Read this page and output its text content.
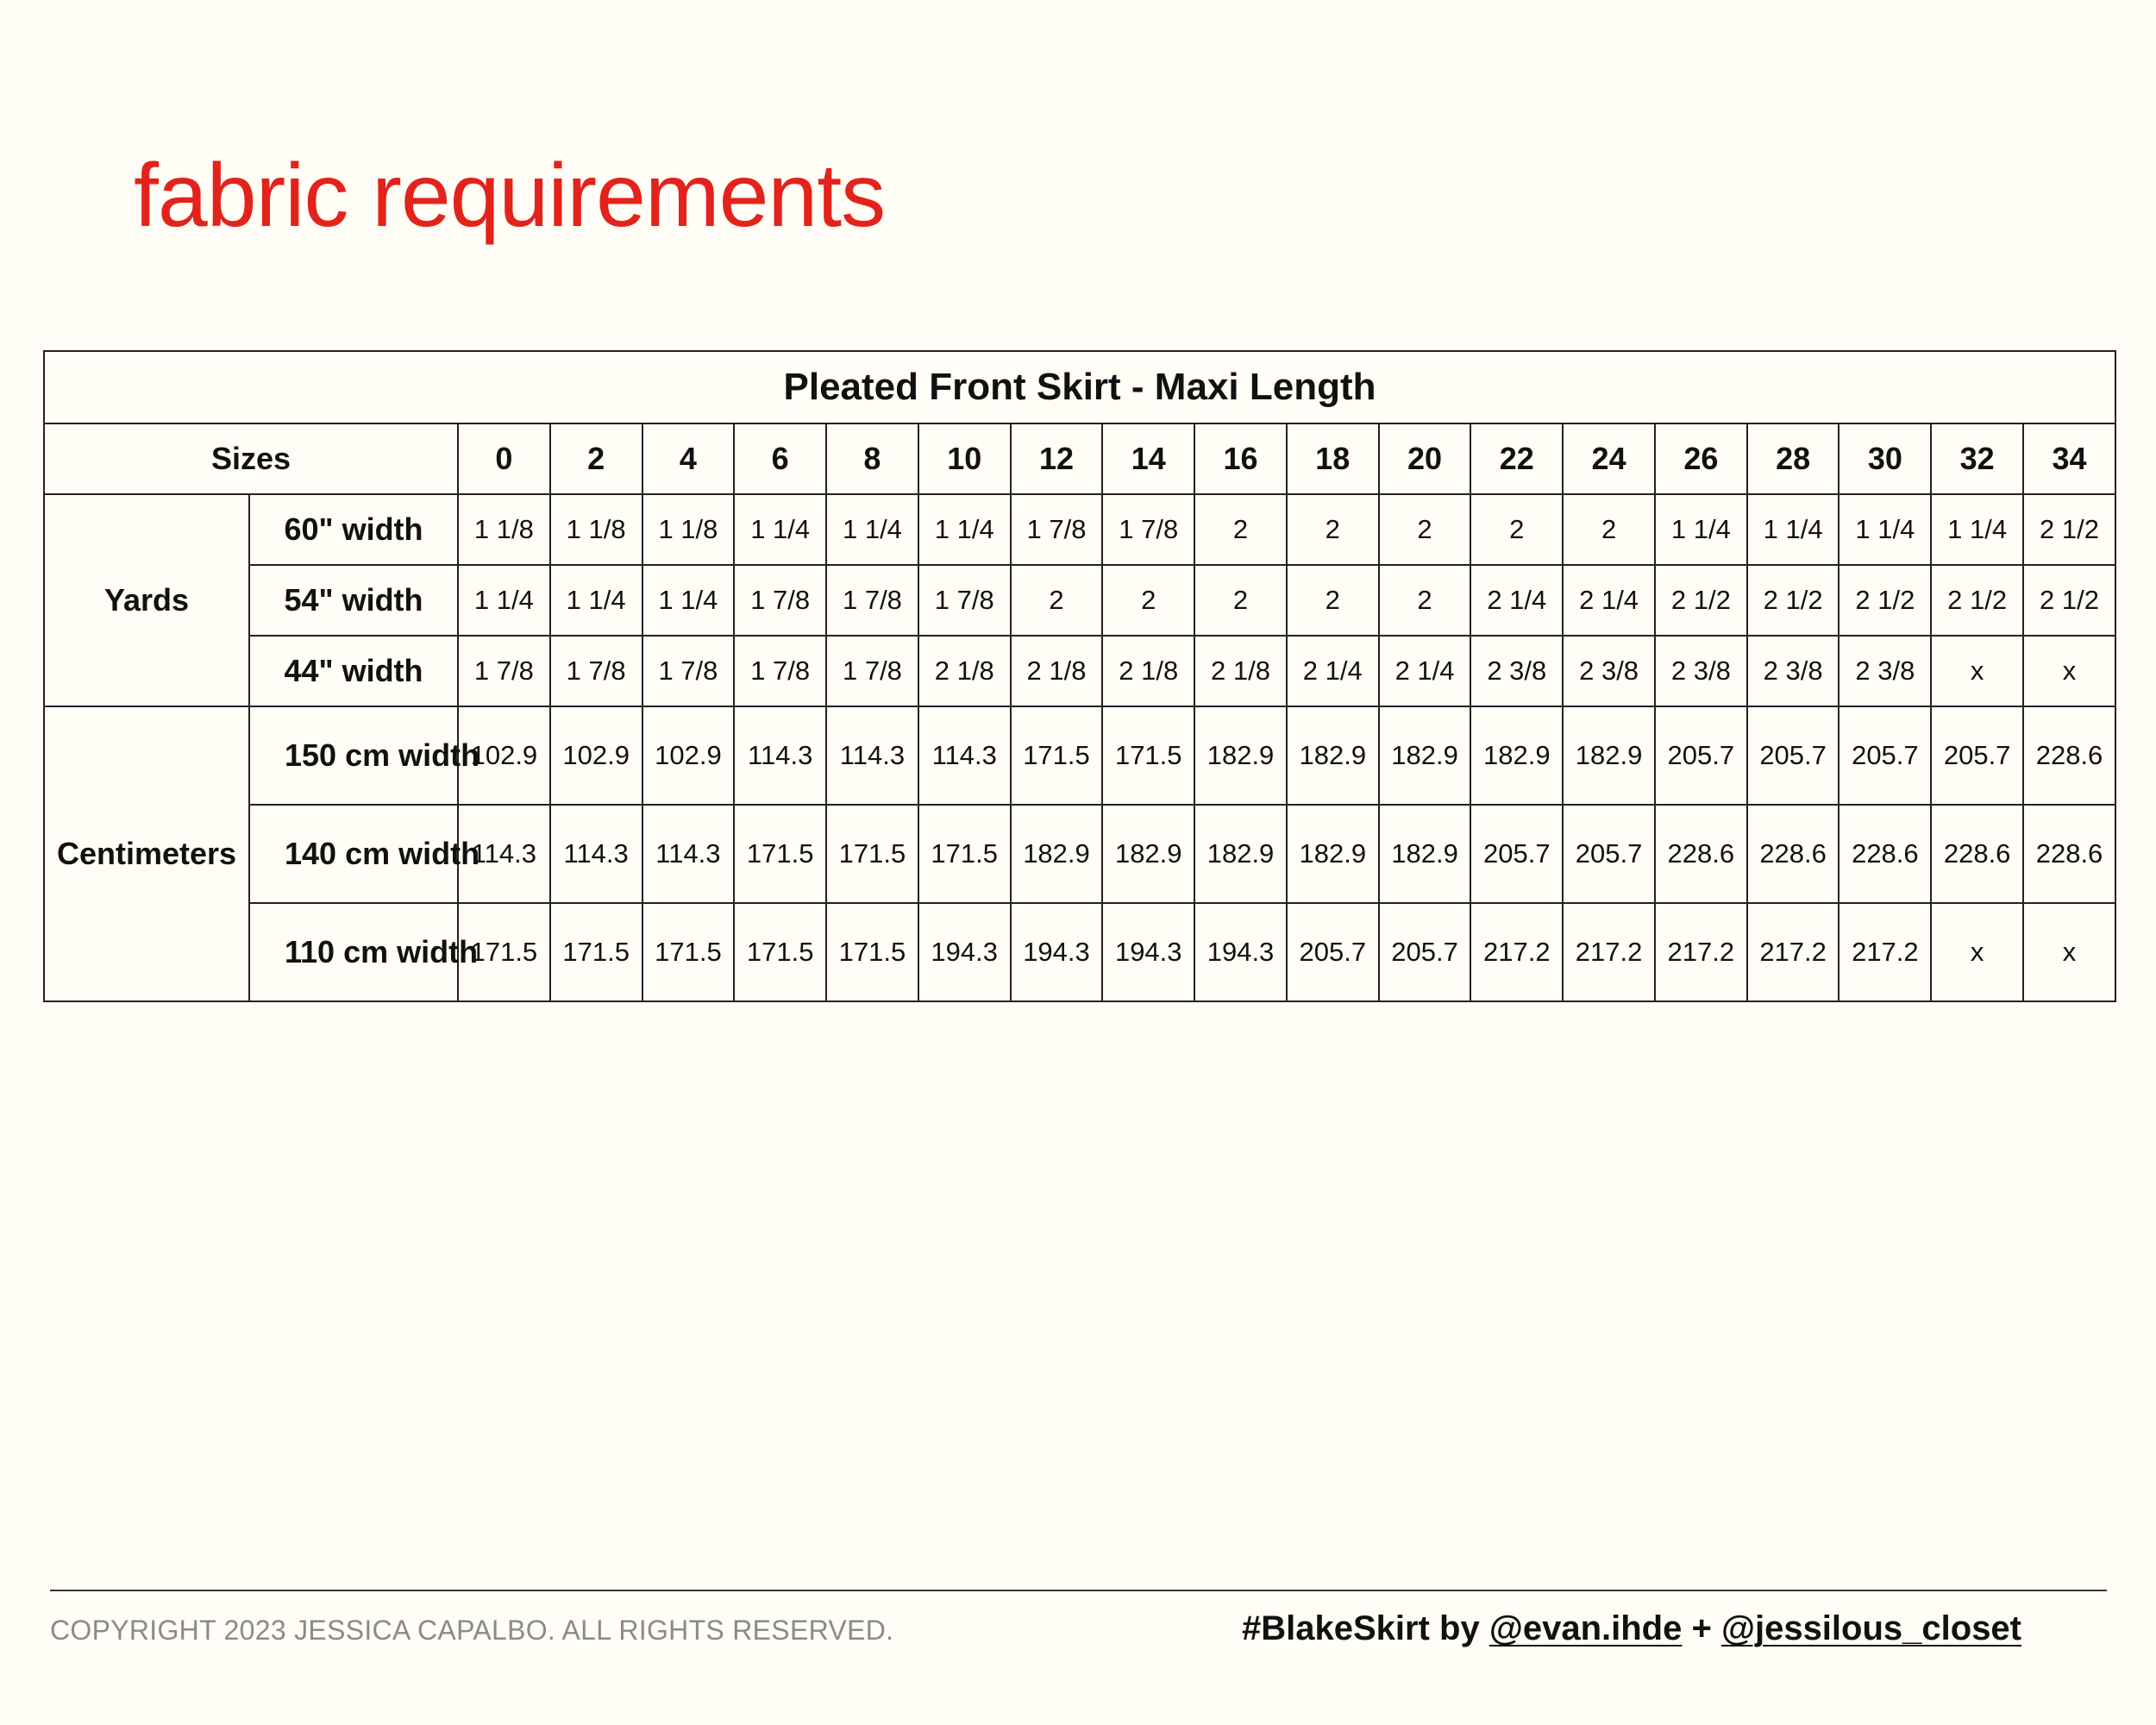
fabric requirements
Pleated Front Skirt - Maxi Length																			
Sizes		0	2	4	6	8	10	12	14	16	18	20	22	24	26	28	30	32	34
Yards	60" width	1 1/8	1 1/8	1 1/8	1 1/4	1 1/4	1 1/4	1 7/8	1 7/8	2	2	2	2	2	1 1/4	1 1/4	1 1/4	1 1/4	2 1/2
	54" width	1 1/4	1 1/4	1 1/4	1 7/8	1 7/8	1 7/8	2	2	2	2	2	2 1/4	2 1/4	2 1/2	2 1/2	2 1/2	2 1/2	2 1/2
	44" width	1 7/8	1 7/8	1 7/8	1 7/8	1 7/8	2 1/8	2 1/8	2 1/8	2 1/8	2 1/4	2 1/4	2 3/8	2 3/8	2 3/8	2 3/8	2 3/8	x	x
Centimeters	150 cm width	102.9	102.9	102.9	114.3	114.3	114.3	171.5	171.5	182.9	182.9	182.9	182.9	182.9	205.7	205.7	205.7	205.7	228.6
	140 cm width	114.3	114.3	114.3	171.5	171.5	171.5	182.9	182.9	182.9	182.9	182.9	205.7	205.7	228.6	228.6	228.6	228.6	228.6
	110 cm width	171.5	171.5	171.5	171.5	171.5	194.3	194.3	194.3	194.3	205.7	205.7	217.2	217.2	217.2	217.2	217.2	x	x
COPYRIGHT 2023 JESSICA CAPALBO. ALL RIGHTS RESERVED.	#BlakeSkirt by @evan.ihde + @jessilous_closet
